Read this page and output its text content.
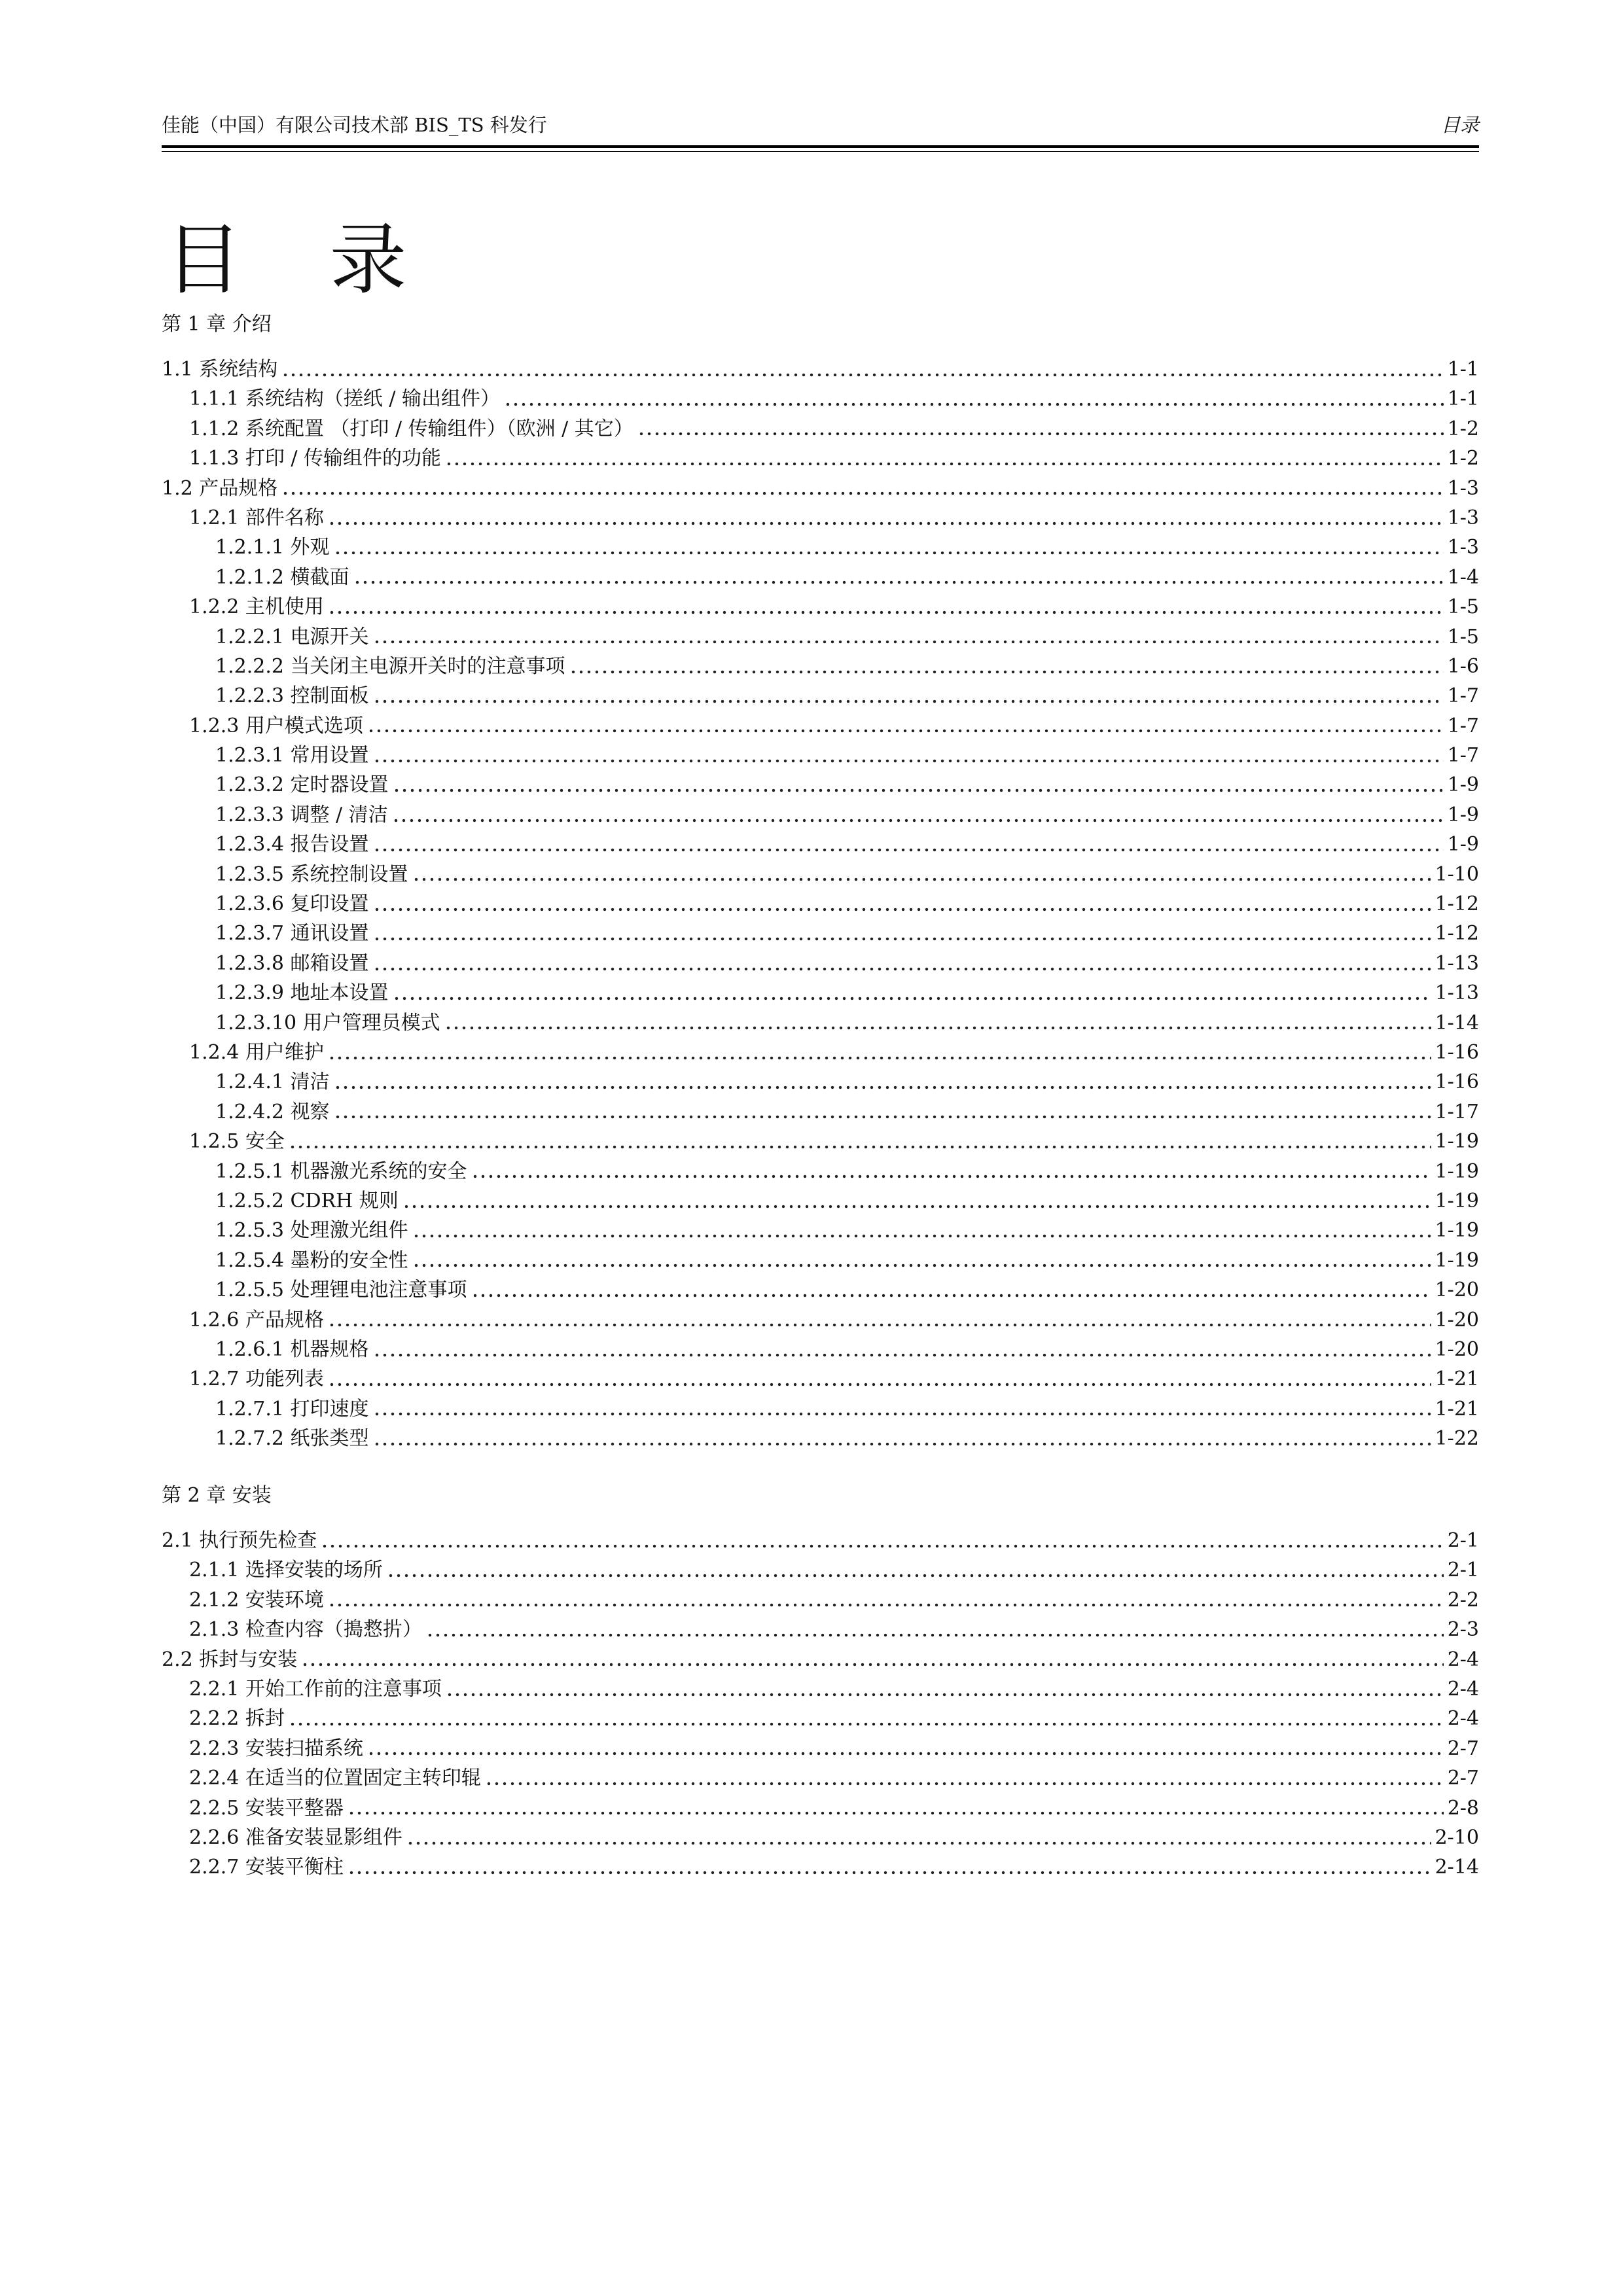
佳能（中国）有限公司技术部 BIS_TS 科发行	目录
目 录
第 1 章 介绍
1.1 系统结构	1-1
1.1.1 系统结构（搓纸 / 输出组件）	1-1
1.1.2 系统配置 （打印 / 传输组件）（欧洲 / 其它）	1-2
1.1.3 打印 / 传输组件的功能	1-2
1.2 产品规格	1-3
1.2.1 部件名称	1-3
1.2.1.1 外观	1-3
1.2.1.2 横截面	1-4
1.2.2 主机使用	1-5
1.2.2.1 电源开关	1-5
1.2.2.2 当关闭主电源开关时的注意事项	1-6
1.2.2.3 控制面板	1-7
1.2.3 用户模式选项	1-7
1.2.3.1 常用设置	1-7
1.2.3.2 定时器设置	1-9
1.2.3.3 调整 / 清洁	1-9
1.2.3.4 报告设置	1-9
1.2.3.5 系统控制设置	1-10
1.2.3.6 复印设置	1-12
1.2.3.7 通讯设置	1-12
1.2.3.8 邮箱设置	1-13
1.2.3.9 地址本设置	1-13
1.2.3.10 用户管理员模式	1-14
1.2.4 用户维护	1-16
1.2.4.1 清洁	1-16
1.2.4.2 视察	1-17
1.2.5 安全	1-19
1.2.5.1 机器激光系统的安全	1-19
1.2.5.2 CDRH 规则	1-19
1.2.5.3 处理激光组件	1-19
1.2.5.4 墨粉的安全性	1-19
1.2.5.5 处理锂电池注意事项	1-20
1.2.6 产品规格	1-20
1.2.6.1 机器规格	1-20
1.2.7 功能列表	1-21
1.2.7.1 打印速度	1-21
1.2.7.2 纸张类型	1-22
第 2 章 安装
2.1 执行预先检查	2-1
2.1.1 选择安装的场所	2-1
2.1.2 安装环境	2-2
2.1.3 检查内容（搗慦扸）	2-3
2.2 拆封与安装	2-4
2.2.1 开始工作前的注意事项	2-4
2.2.2 拆封	2-4
2.2.3 安装扫描系统	2-7
2.2.4 在适当的位置固定主转印辊	2-7
2.2.5 安装平整器	2-8
2.2.6 准备安装显影组件	2-10
2.2.7 安装平衡柱	2-14
